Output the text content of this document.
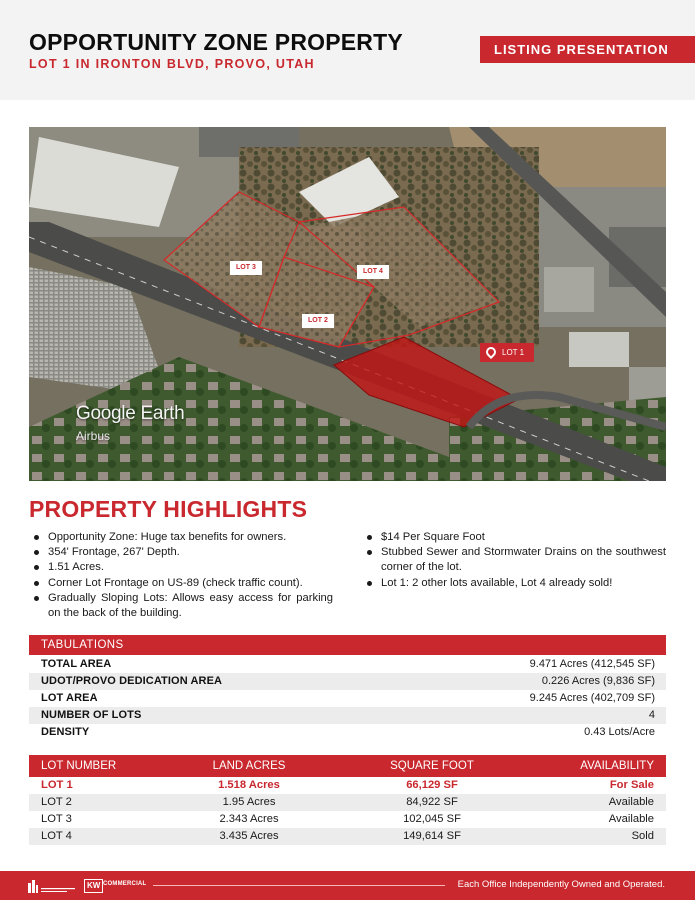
OPPORTUNITY ZONE PROPERTY
LOT 1 IN IRONTON BLVD, PROVO, UTAH
LISTING PRESENTATION
LOT 3
LOT 4
LOT 2
LOT 1
Google Earth
Airbus
PROPERTY HIGHLIGHTS
Opportunity Zone: Huge tax benefits for owners.
354' Frontage, 267' Depth.
1.51 Acres.
Corner Lot Frontage on US-89 (check traffic count).
Gradually Sloping Lots: Allows easy access for parking on the back of the building.
$14 Per Square Foot
Stubbed Sewer and Stormwater Drains on the southwest corner of the lot.
Lot 1: 2 other lots available, Lot 4 already sold!
TABULATIONS
TOTAL AREA	9.471 Acres (412,545 SF)
UDOT/PROVO DEDICATION AREA	0.226 Acres (9,836 SF)
LOT AREA	9.245 Acres (402,709 SF)
NUMBER OF LOTS	4
DENSITY	0.43 Lots/Acre
LOT NUMBER	LAND ACRES	SQUARE FOOT	AVAILABILITY
LOT 1	1.518 Acres	66,129 SF	For Sale
LOT 2	1.95 Acres	84,922 SF	Available
LOT 3	2.343 Acres	102,045 SF	Available
LOT 4	3.435 Acres	149,614 SF	Sold
KW COMMERCIAL	Each Office Independently Owned and Operated.
